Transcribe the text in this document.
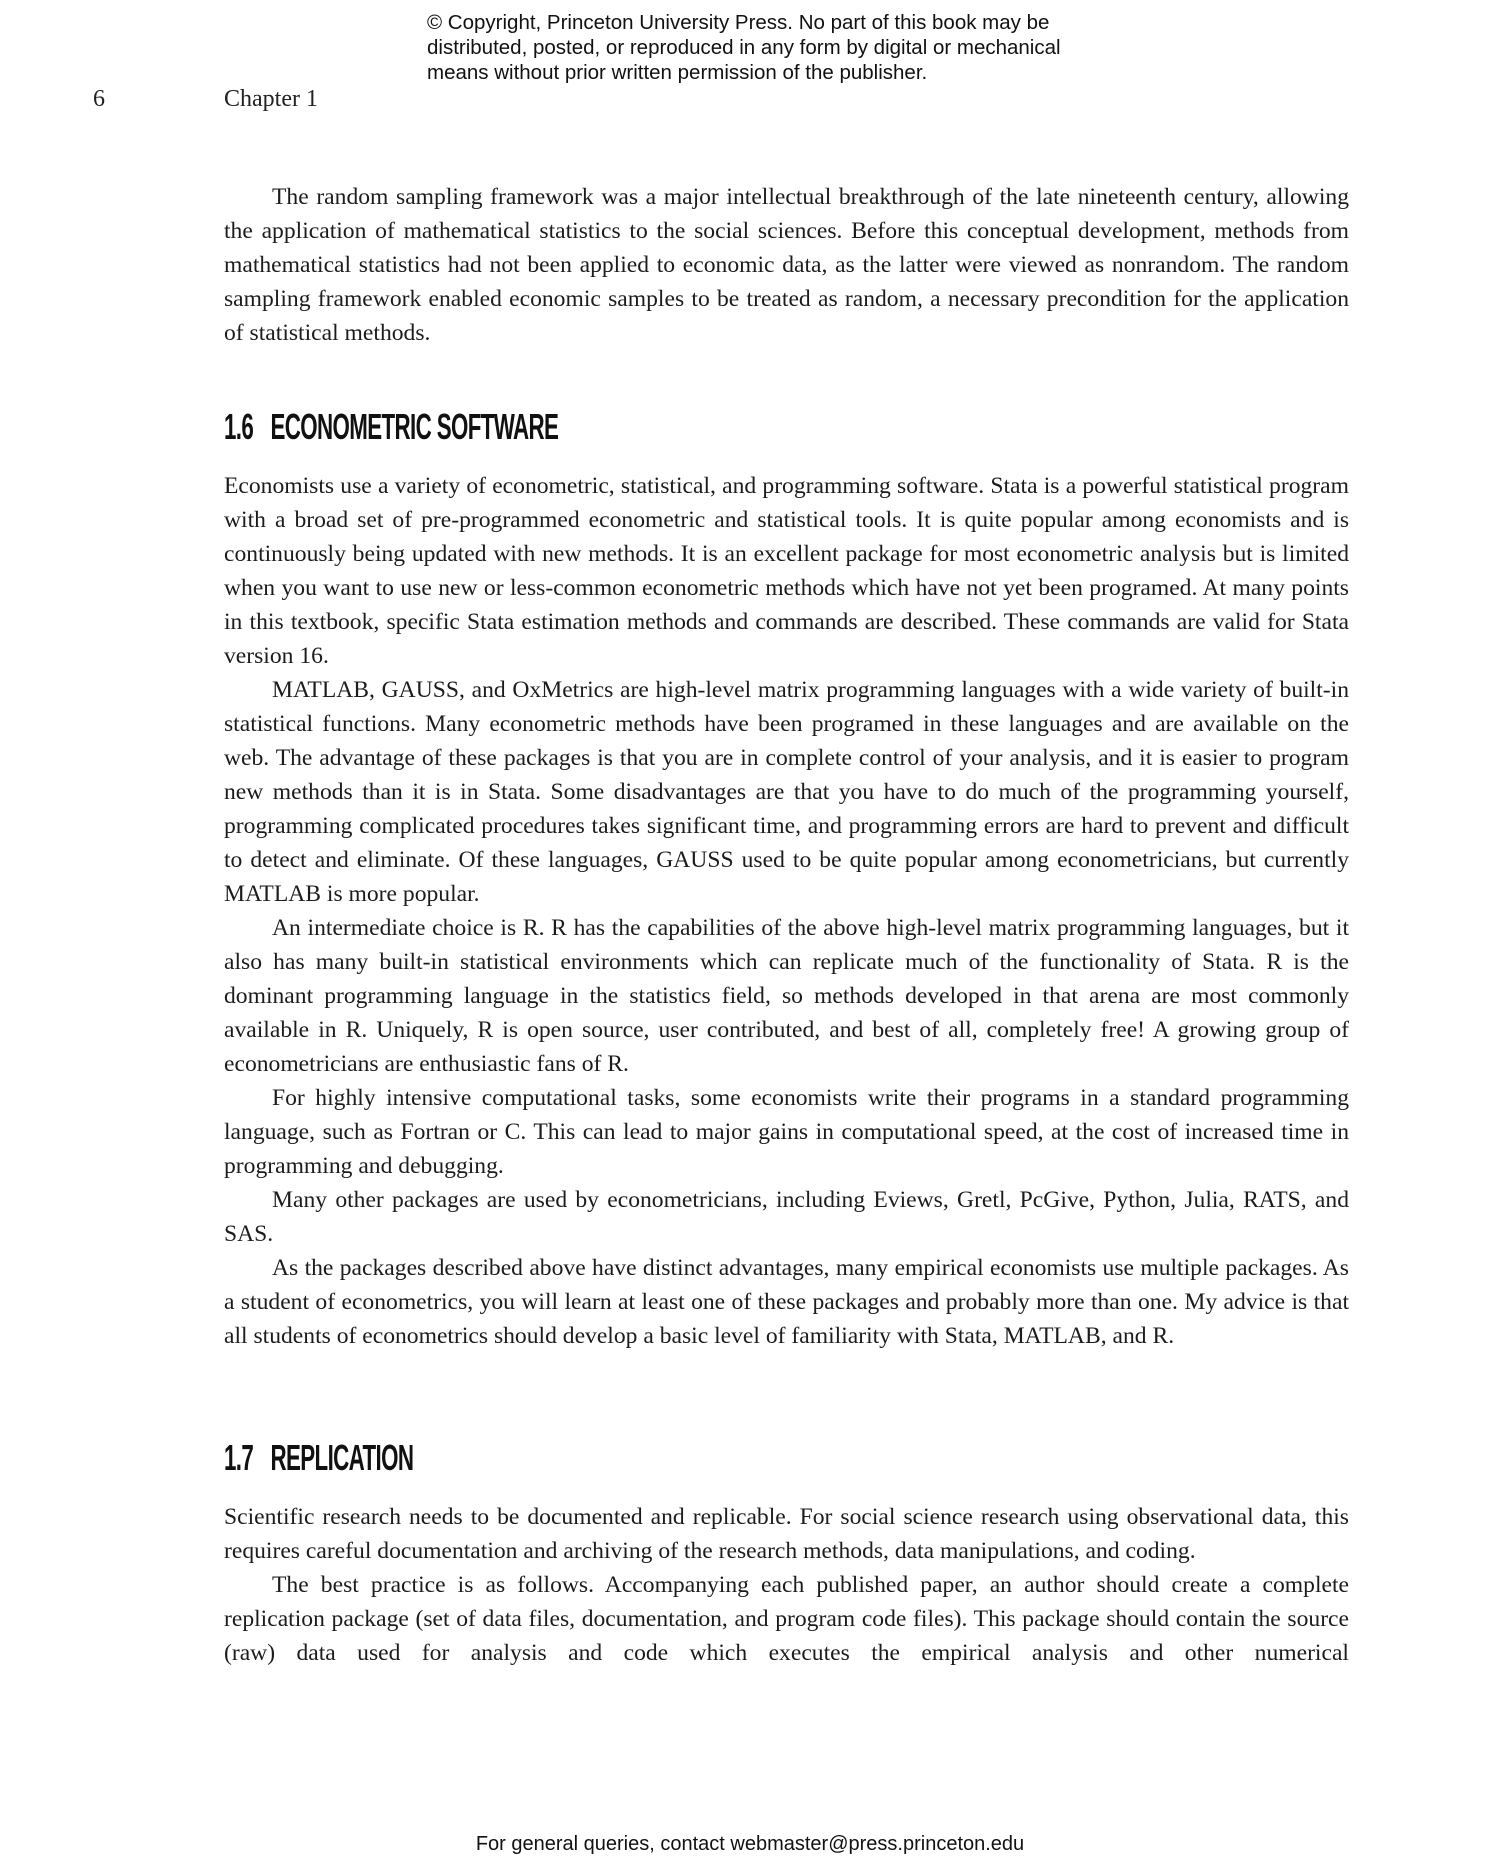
© Copyright, Princeton University Press. No part of this book may be
distributed, posted, or reproduced in any form by digital or mechanical
means without prior written permission of the publisher.
6	Chapter 1

The random sampling framework was a major intellectual breakthrough of the late nineteenth century, allowing the application of mathematical statistics to the social sciences. Before this conceptual development, methods from mathematical statistics had not been applied to economic data, as the latter were viewed as nonrandom. The random sampling framework enabled economic samples to be treated as random, a necessary precondition for the application of statistical methods.

1.6 ECONOMETRIC SOFTWARE

Economists use a variety of econometric, statistical, and programming software. Stata is a powerful statistical program with a broad set of pre-programmed econometric and statistical tools. It is quite popular among economists and is continuously being updated with new methods. It is an excellent package for most econometric analysis but is limited when you want to use new or less-common econometric methods which have not yet been programed. At many points in this textbook, specific Stata estimation methods and commands are described. These commands are valid for Stata version 16.

MATLAB, GAUSS, and OxMetrics are high-level matrix programming languages with a wide variety of built-in statistical functions. Many econometric methods have been programed in these languages and are available on the web. The advantage of these packages is that you are in complete control of your analysis, and it is easier to program new methods than it is in Stata. Some disadvantages are that you have to do much of the programming yourself, programming complicated procedures takes significant time, and programming errors are hard to prevent and difficult to detect and eliminate. Of these languages, GAUSS used to be quite popular among econometricians, but currently MATLAB is more popular.

An intermediate choice is R. R has the capabilities of the above high-level matrix programming languages, but it also has many built-in statistical environments which can replicate much of the functionality of Stata. R is the dominant programming language in the statistics field, so methods developed in that arena are most commonly available in R. Uniquely, R is open source, user contributed, and best of all, completely free! A growing group of econometricians are enthusiastic fans of R.

For highly intensive computational tasks, some economists write their programs in a standard programming language, such as Fortran or C. This can lead to major gains in computational speed, at the cost of increased time in programming and debugging.

Many other packages are used by econometricians, including Eviews, Gretl, PcGive, Python, Julia, RATS, and SAS.

As the packages described above have distinct advantages, many empirical economists use multiple packages. As a student of econometrics, you will learn at least one of these packages and probably more than one. My advice is that all students of econometrics should develop a basic level of familiarity with Stata, MATLAB, and R.

1.7 REPLICATION

Scientific research needs to be documented and replicable. For social science research using observational data, this requires careful documentation and archiving of the research methods, data manipulations, and coding.

The best practice is as follows. Accompanying each published paper, an author should create a complete replication package (set of data files, documentation, and program code files). This package should contain the source (raw) data used for analysis and code which executes the empirical analysis and other numerical

For general queries, contact webmaster@press.princeton.edu
